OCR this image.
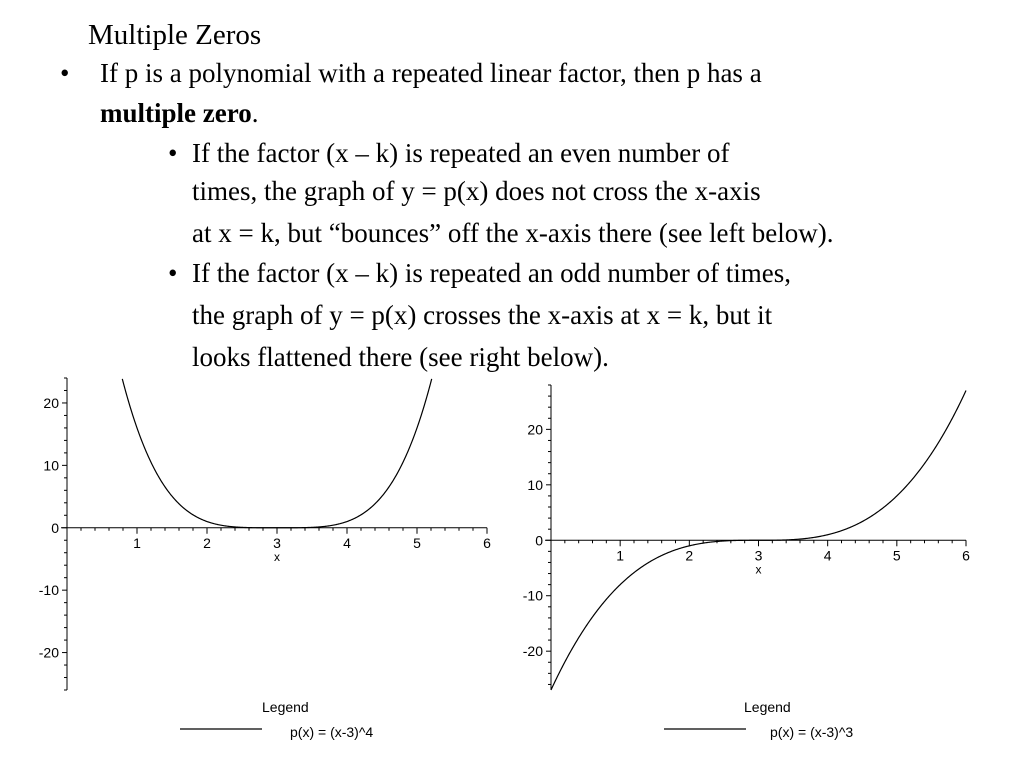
Multiple Zeros
• If p is a polynomial with a repeated linear factor, then p has a
multiple zero.
• If the factor (x – k) is repeated an even number of
times, the graph of y = p(x) does not cross the x-axis
at x = k, but “bounces” off the x-axis there (see left below).
• If the factor (x – k) is repeated an odd number of times,
the graph of y = p(x) crosses the x-axis at x = k, but it
looks flattened there (see right below).
20
10
0
-10
-20
1	2	3	4	5	6
x
Legend
p(x) = (x-3)^4
20
10
0
-10
-20
1	2	3	4	5	6
x
Legend
p(x) = (x-3)^3
